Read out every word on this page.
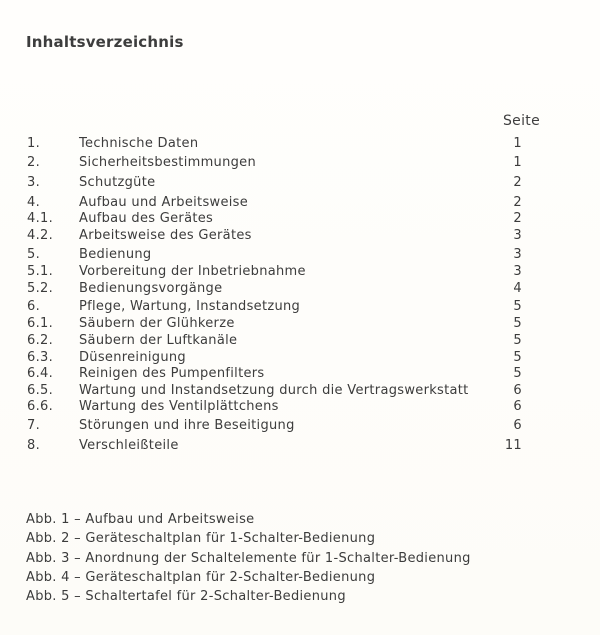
Inhaltsverzeichnis
Seite
1.	Technische Daten	1
2.	Sicherheitsbestimmungen	1
3.	Schutzgüte	2
4.	Aufbau und Arbeitsweise	2
4.1. Aufbau des Gerätes	2
4.2. Arbeitsweise des Gerätes	3
5.	Bedienung	3
5.1. Vorbereitung der Inbetriebnahme	3
5.2. Bedienungsvorgänge	4
6.	Pflege, Wartung, Instandsetzung	5
6.1. Säubern der Glühkerze	5
6.2. Säubern der Luftkanäle	5
6.3. Düsenreinigung	5
6.4. Reinigen des Pumpenfilters	5
6.5. Wartung und Instandsetzung durch die Vertragswerkstatt	6
6.6. Wartung des Ventilplättchens	6
7.	Störungen und ihre Beseitigung	6
8.	Verschleißteile	11
Abb. 1 – Aufbau und Arbeitsweise
Abb. 2 – Geräteschaltplan für 1-Schalter-Bedienung
Abb. 3 – Anordnung der Schaltelemente für 1-Schalter-Bedienung
Abb. 4 – Geräteschaltplan für 2-Schalter-Bedienung
Abb. 5 – Schaltertafel für 2-Schalter-Bedienung
